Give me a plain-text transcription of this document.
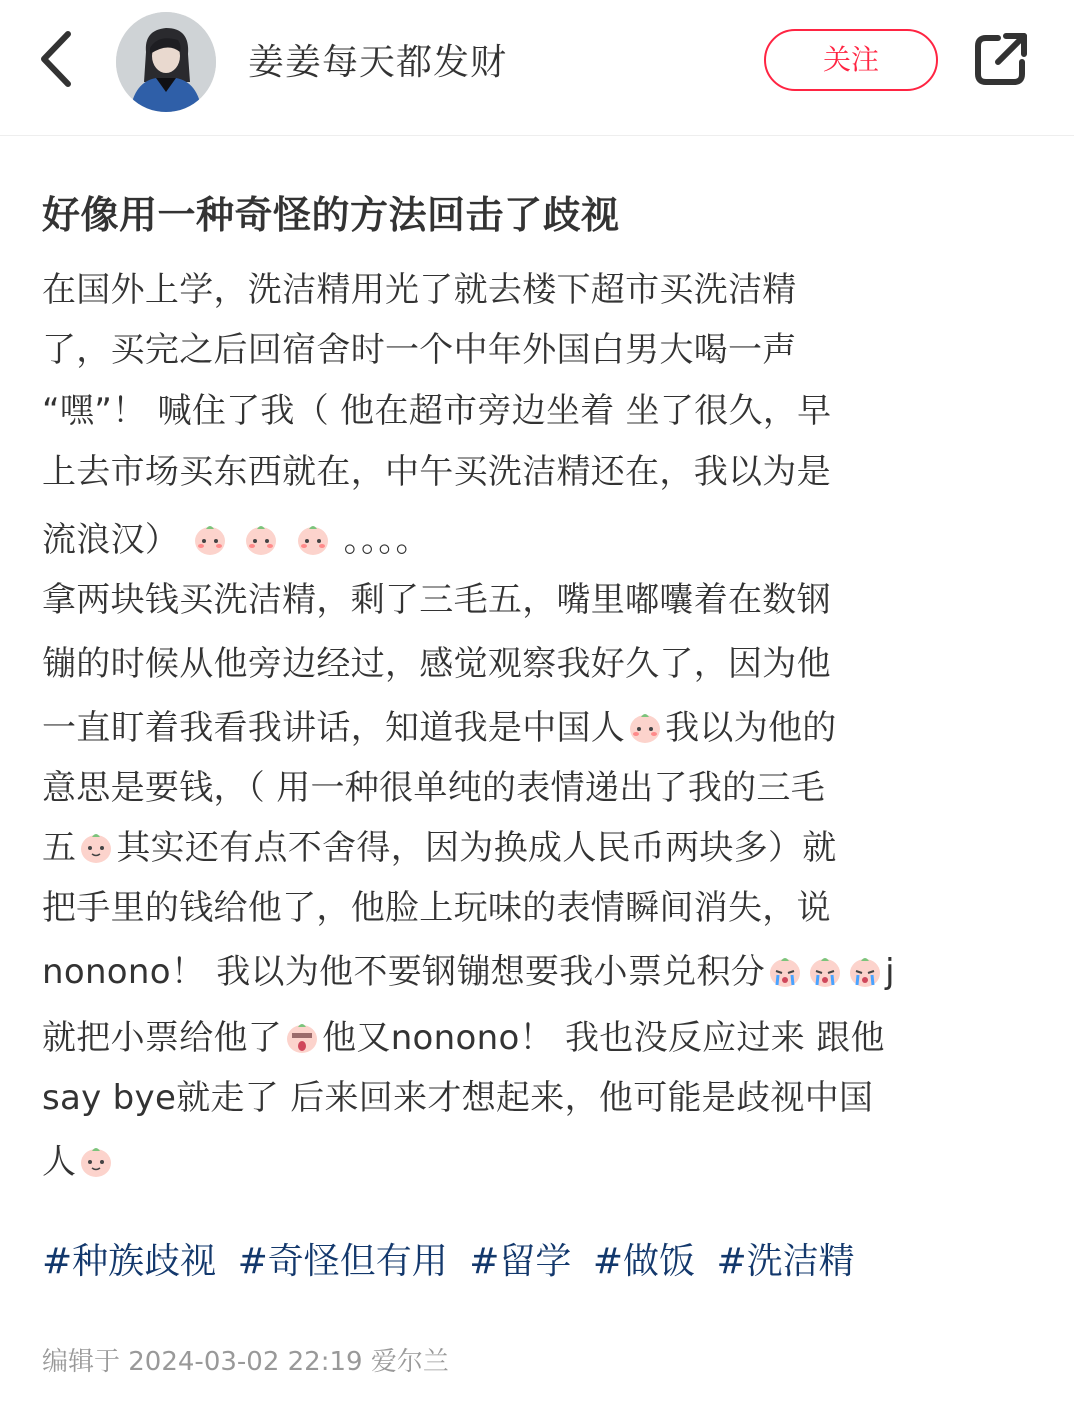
姜姜每天都发财	关注
好像用一种奇怪的方法回击了歧视
在国外上学，洗洁精用光了就去楼下超市买洗洁精
了，买完之后回宿舍时一个中年外国白男大喝一声
“嘿”！ 喊住了我（ 他在超市旁边坐着 坐了很久，早
上去市场买东西就在，中午买洗洁精还在，我以为是
流浪汉）	。。。。
拿两块钱买洗洁精，剩了三毛五，嘴里嘟囔着在数钢
镚的时候从他旁边经过，感觉观察我好久了，因为他
一直盯着我看我讲话，知道我是中国人 我以为他的
意思是要钱，（ 用一种很单纯的表情递出了我的三毛
五 其实还有点不舍得，因为换成人民币两块多）就
把手里的钱给他了，他脸上玩味的表情瞬间消失，说
nonono！ 我以为他不要钢镚想要我小票兑积分	j
就把小票给他了 他又nonono！ 我也没反应过来 跟他
say bye就走了 后来回来才想起来，他可能是歧视中国
人
#种族歧视 #奇怪但有用 #留学 #做饭 #洗洁精
编辑于 2024-03-02 22:19 爱尔兰
